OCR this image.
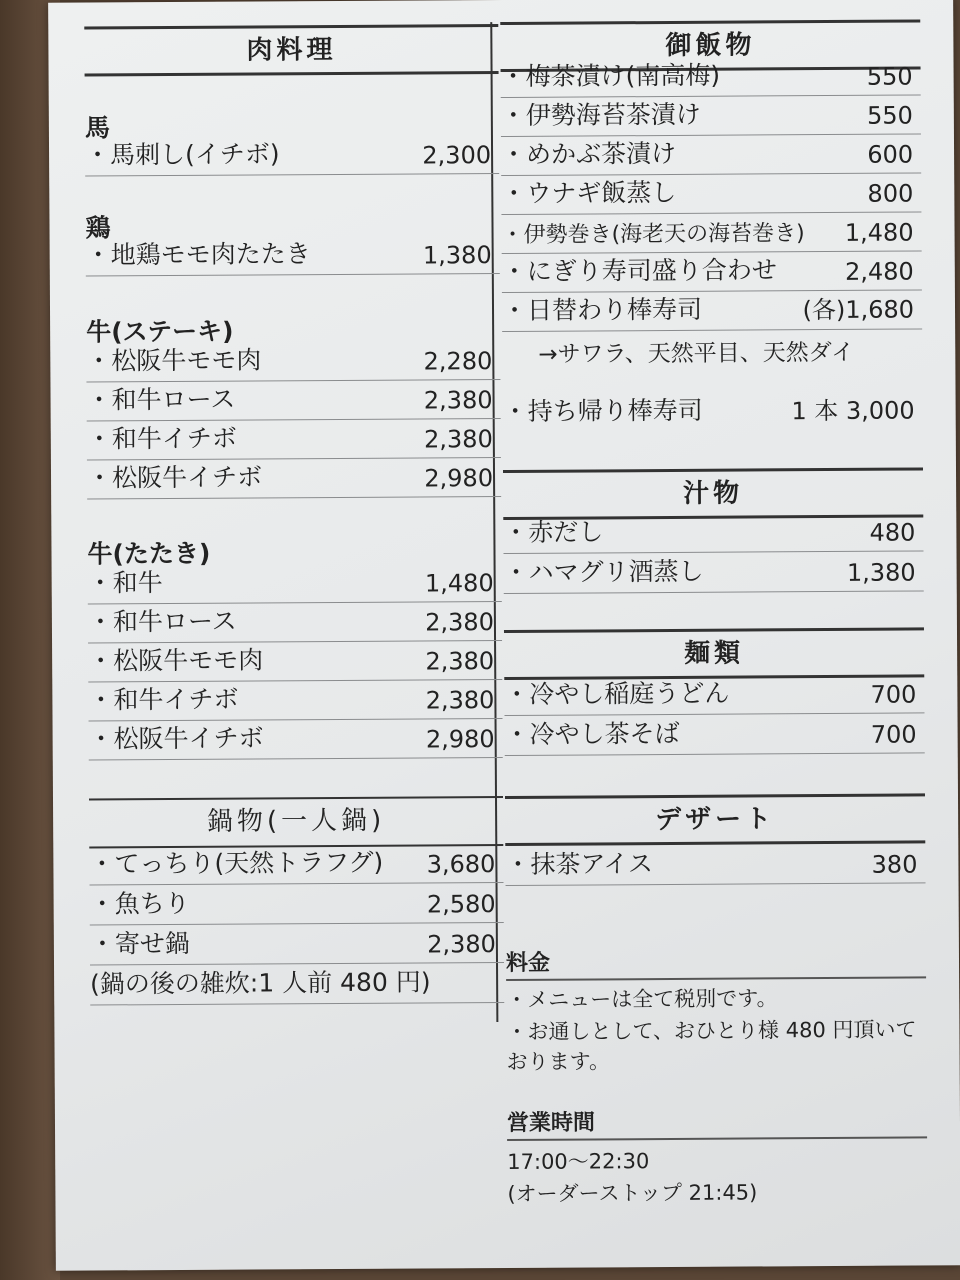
肉料理
馬
・馬刺し(イチボ)	2,300
鶏
・地鶏モモ肉たたき	1,380
牛(ステーキ)
・松阪牛モモ肉	2,280
・和牛ロース	2,380
・和牛イチボ	2,380
・松阪牛イチボ	2,980
牛(たたき)
・和牛	1,480
・和牛ロース	2,380
・松阪牛モモ肉	2,380
・和牛イチボ	2,380
・松阪牛イチボ	2,980
鍋物(一人鍋)
・てっちり(天然トラフグ) 3,680
・魚ちり	2,580
・寄せ鍋	2,380
(鍋の後の雑炊:1 人前 480 円)
御飯物
・梅茶漬け(南高梅)	550
・伊勢海苔茶漬け	550
・めかぶ茶漬け	600
・ウナギ飯蒸し	800
・伊勢巻き(海老天の海苔巻き) 1,480
・にぎり寿司盛り合わせ	2,480
・日替わり棒寿司	(各)1,680
→サワラ、天然平目、天然ダイ
・持ち帰り棒寿司	1 本 3,000
汁物
・赤だし	480
・ハマグリ酒蒸し	1,380
麺類
・冷やし稲庭うどん	700
・冷やし茶そば	700
デザート
・抹茶アイス	380
料金
・メニューは全て税別です。
・お通しとして、おひとり様 480 円頂いて
おります。
営業時間
17:00〜22:30
(オーダーストップ 21:45)
